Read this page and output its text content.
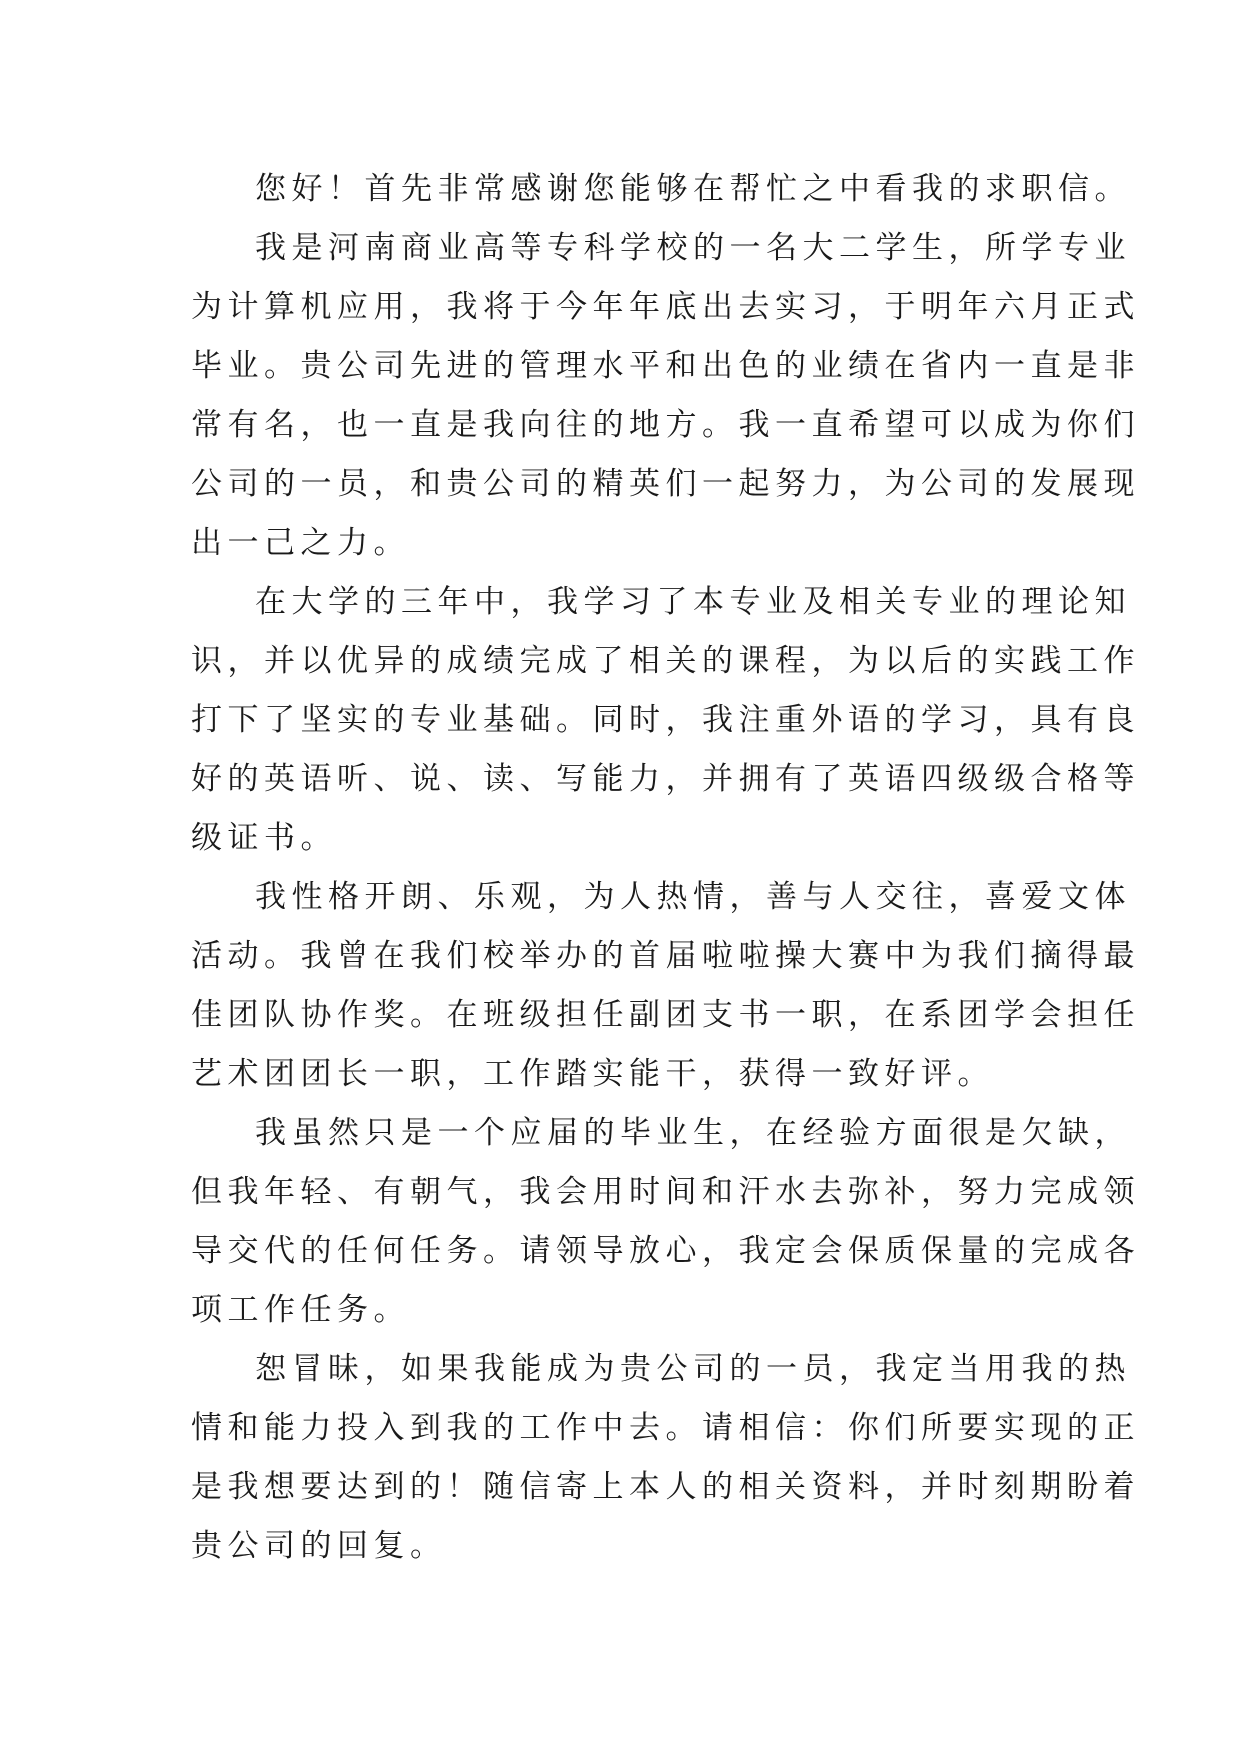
您好！首先非常感谢您能够在帮忙之中看我的求职信。

我是河南商业高等专科学校的一名大二学生，所学专业
为计算机应用，我将于今年年底出去实习，于明年六月正式
毕业。贵公司先进的管理水平和出色的业绩在省内一直是非
常有名，也一直是我向往的地方。我一直希望可以成为你们
公司的一员，和贵公司的精英们一起努力，为公司的发展现
出一己之力。

在大学的三年中，我学习了本专业及相关专业的理论知
识，并以优异的成绩完成了相关的课程，为以后的实践工作
打下了坚实的专业基础。同时，我注重外语的学习，具有良
好的英语听、说、读、写能力，并拥有了英语四级级合格等
级证书。

我性格开朗、乐观，为人热情，善与人交往，喜爱文体
活动。我曾在我们校举办的首届啦啦操大赛中为我们摘得最
佳团队协作奖。在班级担任副团支书一职，在系团学会担任
艺术团团长一职，工作踏实能干，获得一致好评。

我虽然只是一个应届的毕业生，在经验方面很是欠缺，
但我年轻、有朝气，我会用时间和汗水去弥补，努力完成领
导交代的任何任务。请领导放心，我定会保质保量的完成各
项工作任务。

恕冒昧，如果我能成为贵公司的一员，我定当用我的热
情和能力投入到我的工作中去。请相信：你们所要实现的正
是我想要达到的！随信寄上本人的相关资料，并时刻期盼着
贵公司的回复。
